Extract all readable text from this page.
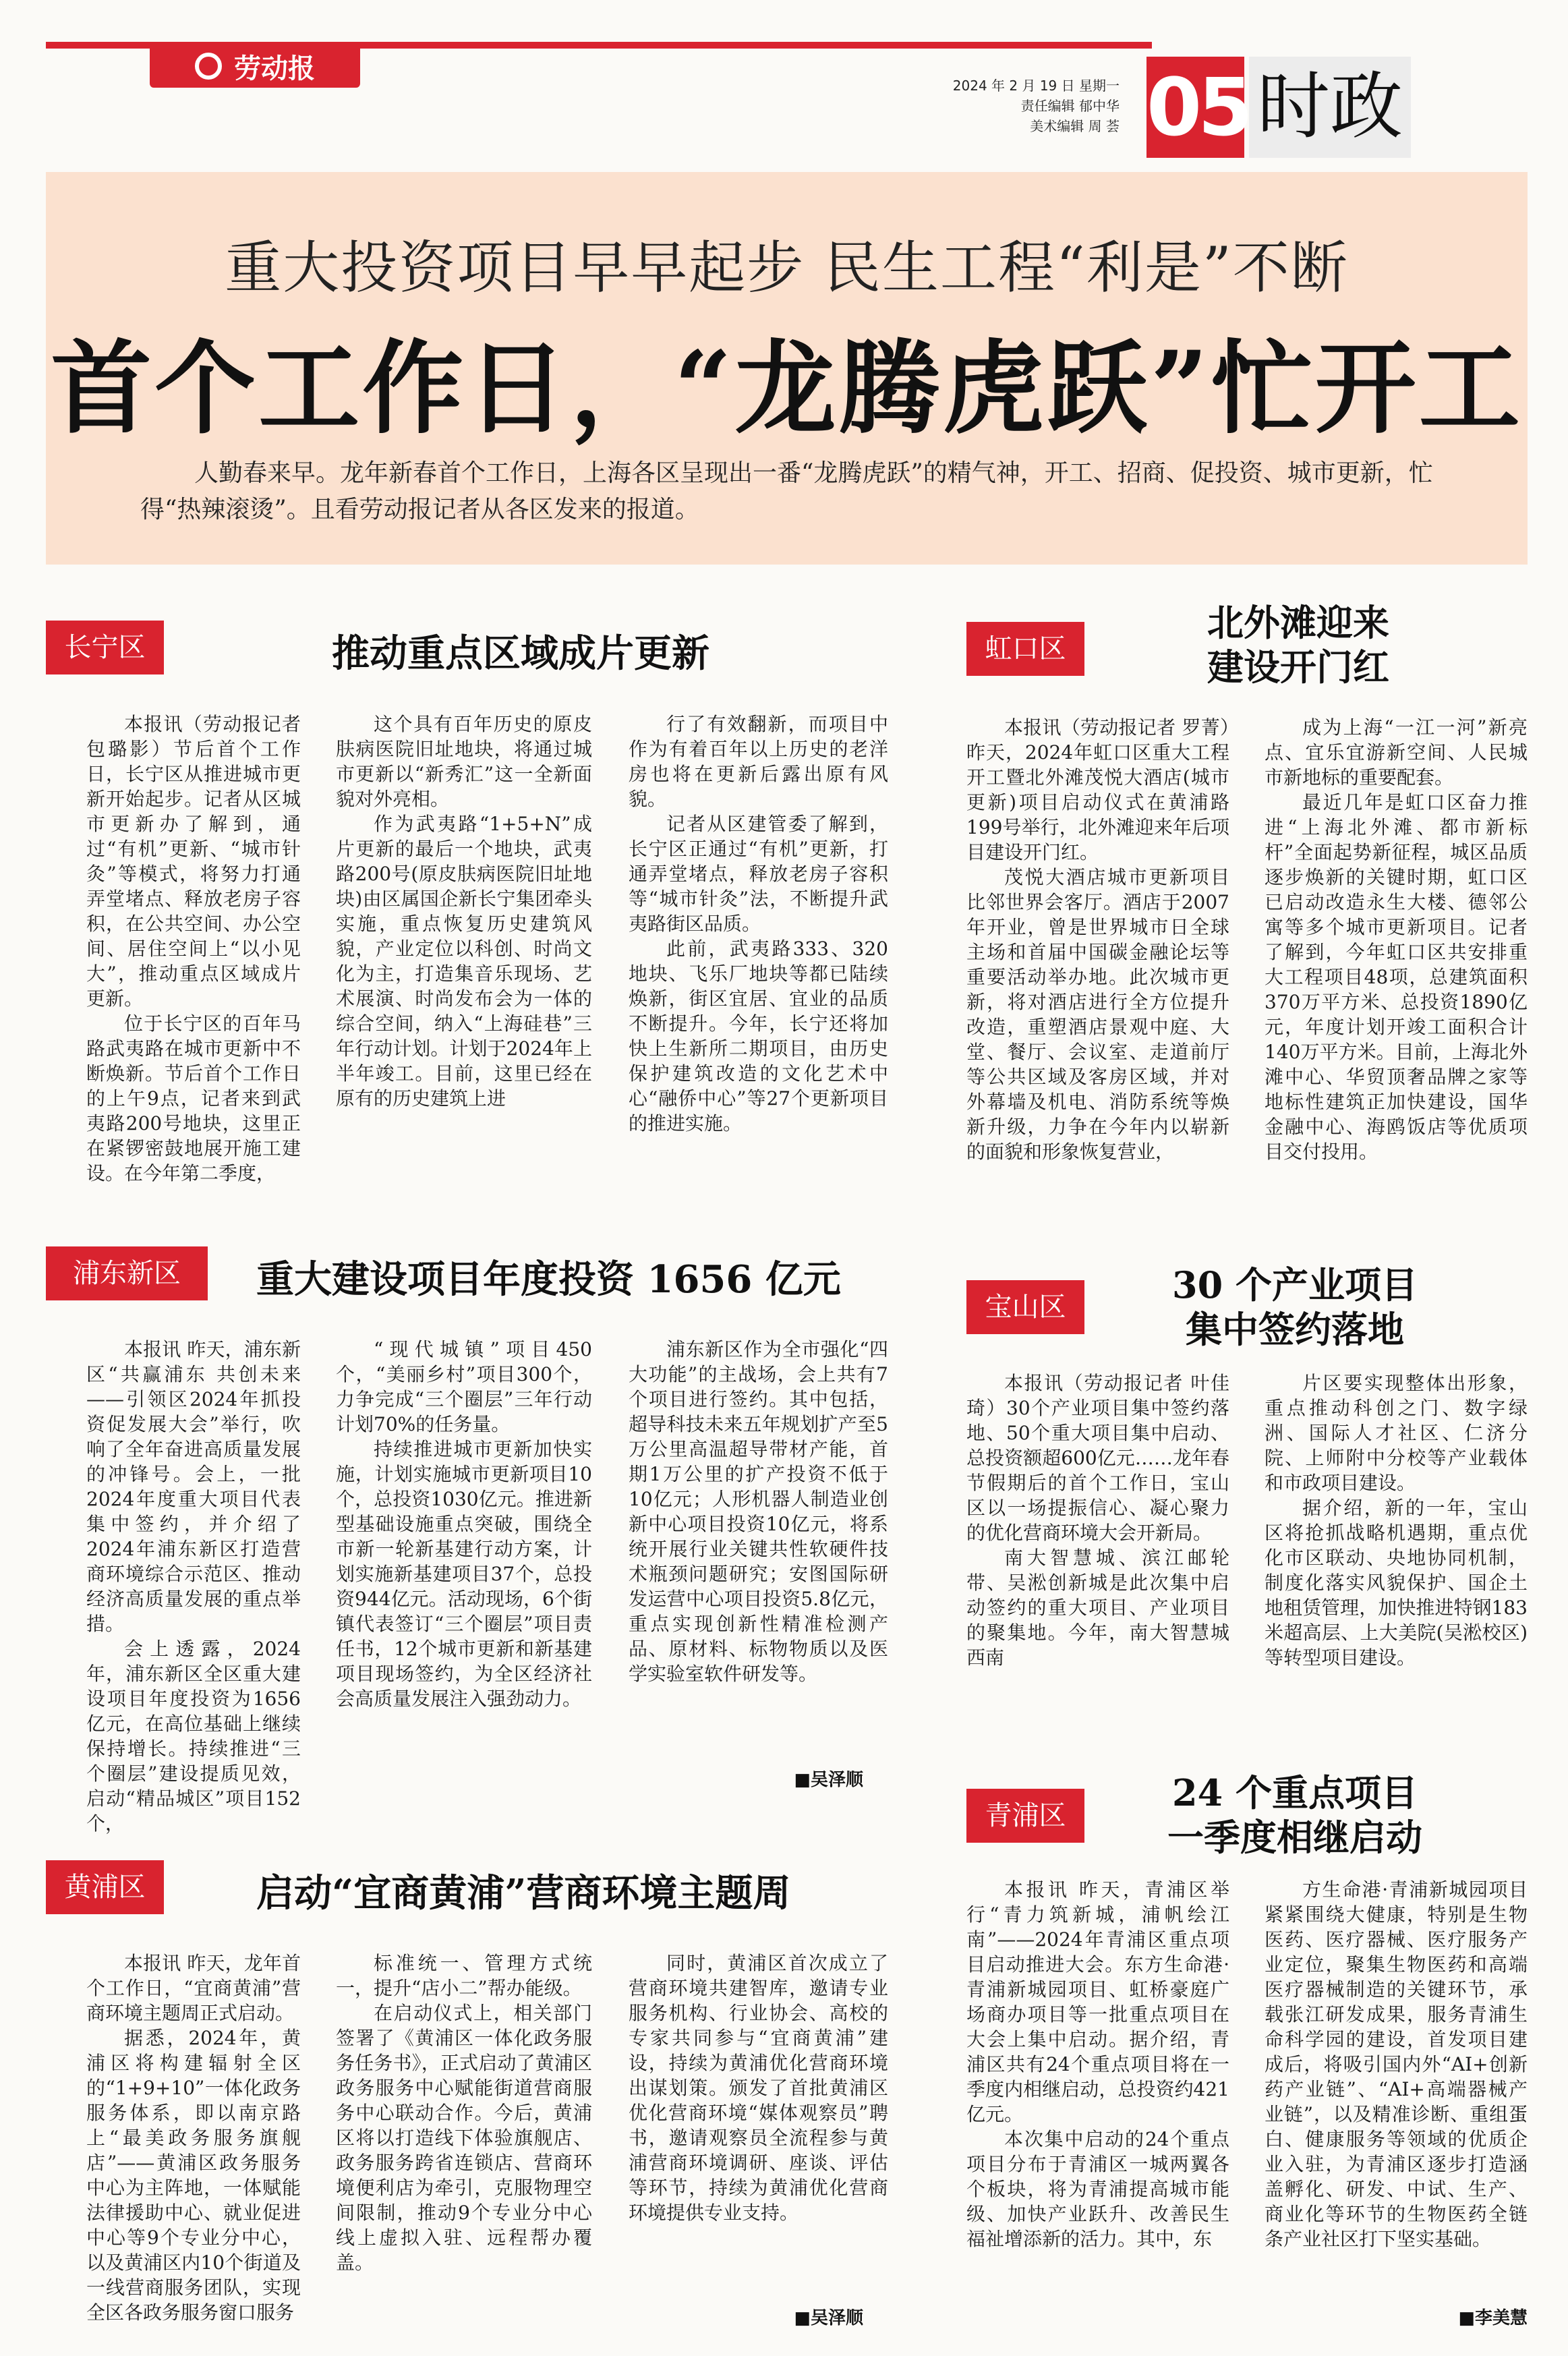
劳动报
2024 年 2 月 19 日 星期一
责任编辑 郁中华
美术编辑 周 荟 05 时政
重大投资项目早早起步 民生工程“利是”不断
首个工作日，“龙腾虎跃”忙开工
人勤春来早。龙年新春首个工作日，上海各区呈现出一番“龙腾虎跃”的精气神，开工、招商、促投资、城市更新，忙得“热辣滚烫”。且看劳动报记者从各区发来的报道。
长宁区	推动重点区域成片更新

本报讯（劳动报记者 包璐影）节后首个工作日，长宁区从推进城市更新开始起步。记者从区城市更新办了解到，通过“有机”更新、“城市针灸”等模式，将努力打通弄堂堵点、释放老房子容积，在公共空间、办公空间、居住空间上“以小见大”，推动重点区域成片更新。

位于长宁区的百年马路武夷路在城市更新中不断焕新。节后首个工作日的上午9点，记者来到武夷路200号地块，这里正在紧锣密鼓地展开施工建设。在今年第二季度，

这个具有百年历史的原皮肤病医院旧址地块，将通过城市更新以“新秀汇”这一全新面貌对外亮相。

作为武夷路“1+5+N”成片更新的最后一个地块，武夷路200号(原皮肤病医院旧址地块)由区属国企新长宁集团牵头实施，重点恢复历史建筑风貌，产业定位以科创、时尚文化为主，打造集音乐现场、艺术展演、时尚发布会为一体的综合空间，纳入“上海硅巷”三年行动计划。计划于2024年上半年竣工。目前，这里已经在原有的历史建筑上进

行了有效翻新，而项目中作为有着百年以上历史的老洋房也将在更新后露出原有风貌。

记者从区建管委了解到，长宁区正通过“有机”更新，打通弄堂堵点，释放老房子容积等“城市针灸”法，不断提升武夷路街区品质。

此前，武夷路333、320地块、飞乐厂地块等都已陆续焕新，街区宜居、宜业的品质不断提升。今年，长宁还将加快上生新所二期项目，由历史保护建筑改造的文化艺术中心“融侨中心”等27个更新项目的推进实施。

浦东新区	重大建设项目年度投资 1656 亿元

本报讯 昨天，浦东新区“共赢浦东 共创未来——引领区2024年抓投资促发展大会”举行，吹响了全年奋进高质量发展的冲锋号。会上，一批2024年度重大项目代表集中签约，并介绍了2024年浦东新区打造营商环境综合示范区、推动经济高质量发展的重点举措。

会上透露，2024年，浦东新区全区重大建设项目年度投资为1656亿元，在高位基础上继续保持增长。持续推进“三个圈层”建设提质见效，启动“精品城区”项目152个，

“现代城镇”项目450个，“美丽乡村”项目300个，力争完成“三个圈层”三年行动计划70%的任务量。

持续推进城市更新加快实施，计划实施城市更新项目10个，总投资1030亿元。推进新型基础设施重点突破，围绕全市新一轮新基建行动方案，计划实施新基建项目37个，总投资944亿元。活动现场，6个街镇代表签订“三个圈层”项目责任书，12个城市更新和新基建项目现场签约，为全区经济社会高质量发展注入强劲动力。

浦东新区作为全市强化“四大功能”的主战场，会上共有7个项目进行签约。其中包括，超导科技未来五年规划扩产至5万公里高温超导带材产能，首期1万公里的扩产投资不低于10亿元；人形机器人制造业创新中心项目投资10亿元，将系统开展行业关键共性软硬件技术瓶颈问题研究；安图国际研发运营中心项目投资5.8亿元，重点实现创新性精准检测产品、原材料、标物物质以及医学实验室软件研发等。

■吴泽顺
黄浦区	启动“宜商黄浦”营商环境主题周

本报讯 昨天，龙年首个工作日，“宜商黄浦”营商环境主题周正式启动。

据悉，2024年，黄浦区将构建辐射全区的“1+9+10”一体化政务服务体系，即以南京路上“最美政务服务旗舰店”——黄浦区政务服务中心为主阵地，一体赋能法律援助中心、就业促进中心等9个专业分中心，以及黄浦区内10个街道及一线营商服务团队，实现全区各政务服务窗口服务

标准统一、管理方式统一，提升“店小二”帮办能级。

在启动仪式上，相关部门签署了《黄浦区一体化政务服务任务书》，正式启动了黄浦区政务服务中心赋能街道营商服务中心联动合作。今后，黄浦区将以打造线下体验旗舰店、政务服务跨省连锁店、营商环境便利店为牵引，克服物理空间限制，推动9个专业分中心线上虚拟入驻、远程帮办覆盖。

同时，黄浦区首次成立了营商环境共建智库，邀请专业服务机构、行业协会、高校的专家共同参与“宜商黄浦”建设，持续为黄浦优化营商环境出谋划策。颁发了首批黄浦区优化营商环境“媒体观察员”聘书，邀请观察员全流程参与黄浦营商环境调研、座谈、评估等环节，持续为黄浦优化营商环境提供专业支持。

■吴泽顺
虹口区
北外滩迎来
建设开门红

本报讯（劳动报记者 罗菁）昨天，2024年虹口区重大工程开工暨北外滩茂悦大酒店(城市更新)项目启动仪式在黄浦路199号举行，北外滩迎来年后项目建设开门红。

茂悦大酒店城市更新项目比邻世界会客厅。酒店于2007年开业，曾是世界城市日全球主场和首届中国碳金融论坛等重要活动举办地。此次城市更新，将对酒店进行全方位提升改造，重塑酒店景观中庭、大堂、餐厅、会议室、走道前厅等公共区域及客房区域，并对外幕墙及机电、消防系统等焕新升级，力争在今年内以崭新的面貌和形象恢复营业，

成为上海“一江一河”新亮点、宜乐宜游新空间、人民城市新地标的重要配套。

最近几年是虹口区奋力推进“上海北外滩、都市新标杆”全面起势新征程，城区品质逐步焕新的关键时期，虹口区已启动改造永生大楼、德邻公寓等多个城市更新项目。记者了解到，今年虹口区共安排重大工程项目48项，总建筑面积370万平方米、总投资1890亿元，年度计划开竣工面积合计140万平方米。目前，上海北外滩中心、华贸顶奢品牌之家等地标性建筑正加快建设，国华金融中心、海鸥饭店等优质项目交付投用。

宝山区
30 个产业项目
集中签约落地

本报讯（劳动报记者 叶佳琦）30个产业项目集中签约落地、50个重大项目集中启动、总投资额超600亿元……龙年春节假期后的首个工作日，宝山区以一场提振信心、凝心聚力的优化营商环境大会开新局。

南大智慧城、滨江邮轮带、吴淞创新城是此次集中启动签约的重大项目、产业项目的聚集地。今年，南大智慧城西南

片区要实现整体出形象，重点推动科创之门、数字绿洲、国际人才社区、仁济分院、上师附中分校等产业载体和市政项目建设。

据介绍，新的一年，宝山区将抢抓战略机遇期，重点优化市区联动、央地协同机制，制度化落实风貌保护、国企土地租赁管理，加快推进特钢183米超高层、上大美院(吴淞校区)等转型项目建设。

青浦区
24 个重点项目
一季度相继启动

本报讯 昨天，青浦区举行“青力筑新城，浦帆绘江南”——2024年青浦区重点项目启动推进大会。东方生命港·青浦新城园项目、虹桥豪庭广场商办项目等一批重点项目在大会上集中启动。据介绍，青浦区共有24个重点项目将在一季度内相继启动，总投资约421亿元。

本次集中启动的24个重点项目分布于青浦区一城两翼各个板块，将为青浦提高城市能级、加快产业跃升、改善民生福祉增添新的活力。其中，东

方生命港·青浦新城园项目紧紧围绕大健康，特别是生物医药、医疗器械、医疗服务产业定位，聚集生物医药和高端医疗器械制造的关键环节，承载张江研发成果，服务青浦生命科学园的建设，首发项目建成后，将吸引国内外“AI+创新药产业链”、“AI+高端器械产业链”，以及精准诊断、重组蛋白、健康服务等领域的优质企业入驻，为青浦区逐步打造涵盖孵化、研发、中试、生产、商业化等环节的生物医药全链条产业社区打下坚实基础。

■李美慧
